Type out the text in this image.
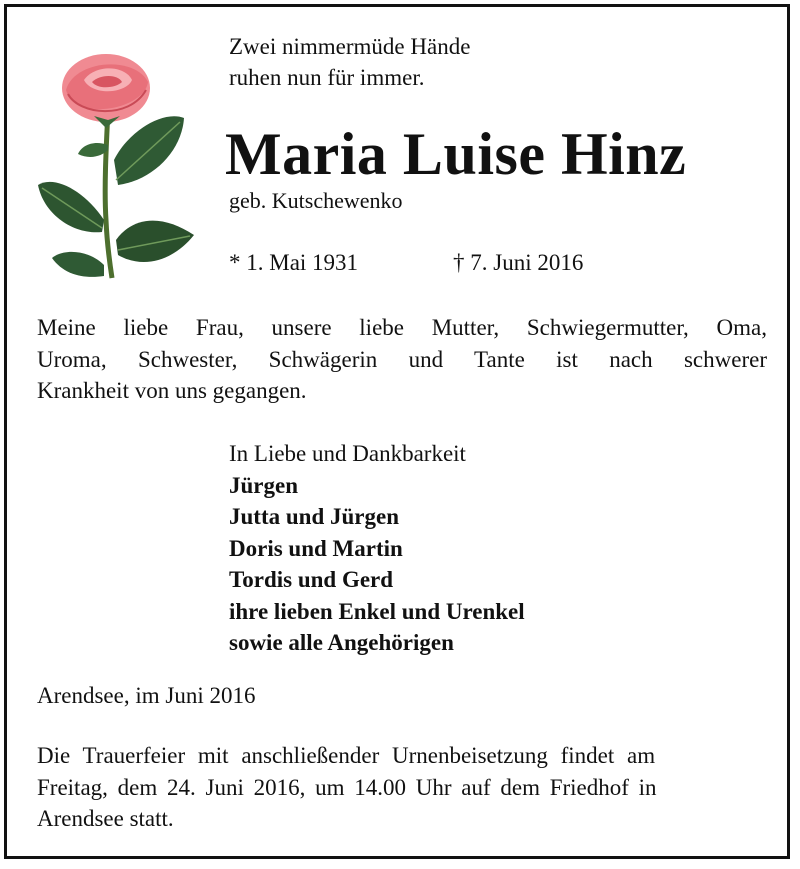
Zwei nimmermüde Hände
ruhen nun für immer.
Maria Luise Hinz
geb. Kutschewenko
* 1. Mai 1931	† 7. Juni 2016
Meine liebe Frau, unsere liebe Mutter, Schwiegermutter, Oma,
Uroma, Schwester, Schwägerin und Tante ist nach schwerer
Krankheit von uns gegangen.
In Liebe und Dankbarkeit
Jürgen
Jutta und Jürgen
Doris und Martin
Tordis und Gerd
ihre lieben Enkel und Urenkel
sowie alle Angehörigen
Arendsee, im Juni 2016
Die Trauerfeier mit anschließender Urnenbeisetzung findet am
Freitag, dem 24. Juni 2016, um 14.00 Uhr auf dem Friedhof in
Arendsee statt.
